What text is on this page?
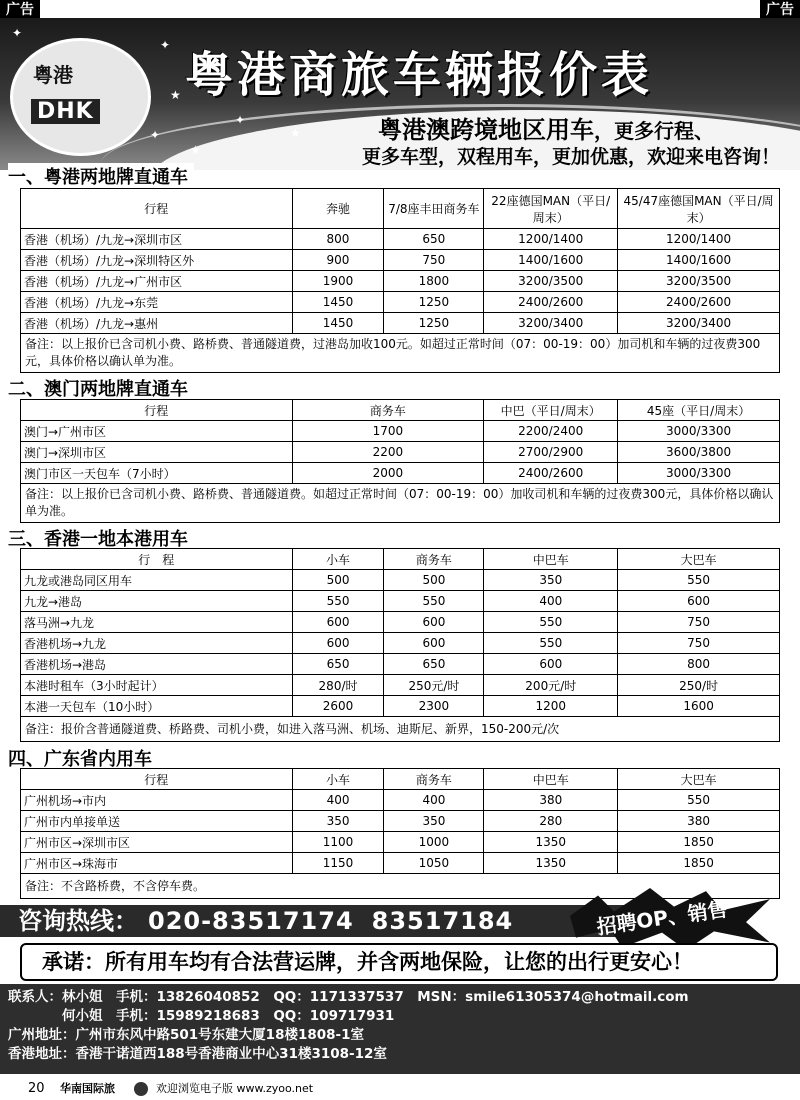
广告	广告
✦
★
✦
★
✦
★
✦
粤港
DHK
粤港商旅车辆报价表
粤港澳跨境地区用车，更多行程、
更多车型，双程用车，更加优惠，欢迎来电咨询！
一、粤港两地牌直通车
行程	奔驰	7/8座丰田商务车	22座德国MAN（平日/周末）	45/47座德国MAN（平日/周末）
香港（机场）/九龙→深圳市区	800	650	1200/1400	1200/1400
香港（机场）/九龙→深圳特区外	900	750	1400/1600	1400/1600
香港（机场）/九龙→广州市区	1900	1800	3200/3500	3200/3500
香港（机场）/九龙→东莞	1450	1250	2400/2600	2400/2600
香港（机场）/九龙→惠州	1450	1250	3200/3400	3200/3400
备注：以上报价已含司机小费、路桥费、普通隧道费，过港岛加收100元。如超过正常时间（07：00-19：00）加司机和车辆的过夜费300元，具体价格以确认单为准。				
二、澳门两地牌直通车
行程	商务车	中巴（平日/周末）	45座（平日/周末）
澳门→广州市区	1700	2200/2400	3000/3300
澳门→深圳市区	2200	2700/2900	3600/3800
澳门市区一天包车（7小时）	2000	2400/2600	3000/3300
备注：以上报价已含司机小费、路桥费、普通隧道费。如超过正常时间（07：00-19：00）加收司机和车辆的过夜费300元，具体价格以确认单为准。			
三、香港一地本港用车
行　程	小车	商务车	中巴车	大巴车
九龙或港岛同区用车	500	500	350	550
九龙→港岛	550	550	400	600
落马洲→九龙	600	600	550	750
香港机场→九龙	600	600	550	750
香港机场→港岛	650	650	600	800
本港时租车（3小时起计）	280/时	250元/时	200元/时	250/时
本港一天包车（10小时）	2600	2300	1200	1600
备注：报价含普通隧道费、桥路费、司机小费，如进入落马洲、机场、迪斯尼、新界，150-200元/次				
四、广东省内用车
行程	小车	商务车	中巴车	大巴车
广州机场→市内	400	400	380	550
广州市内单接单送	350	350	280	380
广州市区→深圳市区	1100	1000	1350	1850
广州市区→珠海市	1150	1050	1350	1850
备注：不含路桥费，不含停车费。				
咨询热线： 020-83517174 83517184	招聘OP、销售
承诺：所有用车均有合法营运牌，并含两地保险，让您的出行更安心！
联系人：林小姐　手机：13826040852　QQ：1171337537　MSN：smile61305374@hotmail.com
　　　　何小姐　手机：15989218683　QQ：109717931
广州地址：广州市东风中路501号东建大厦18楼1808-1室
香港地址：香港干诺道西188号香港商业中心31楼3108-12室
20 华南国际旅	欢迎浏览电子版 www.zyoo.net
